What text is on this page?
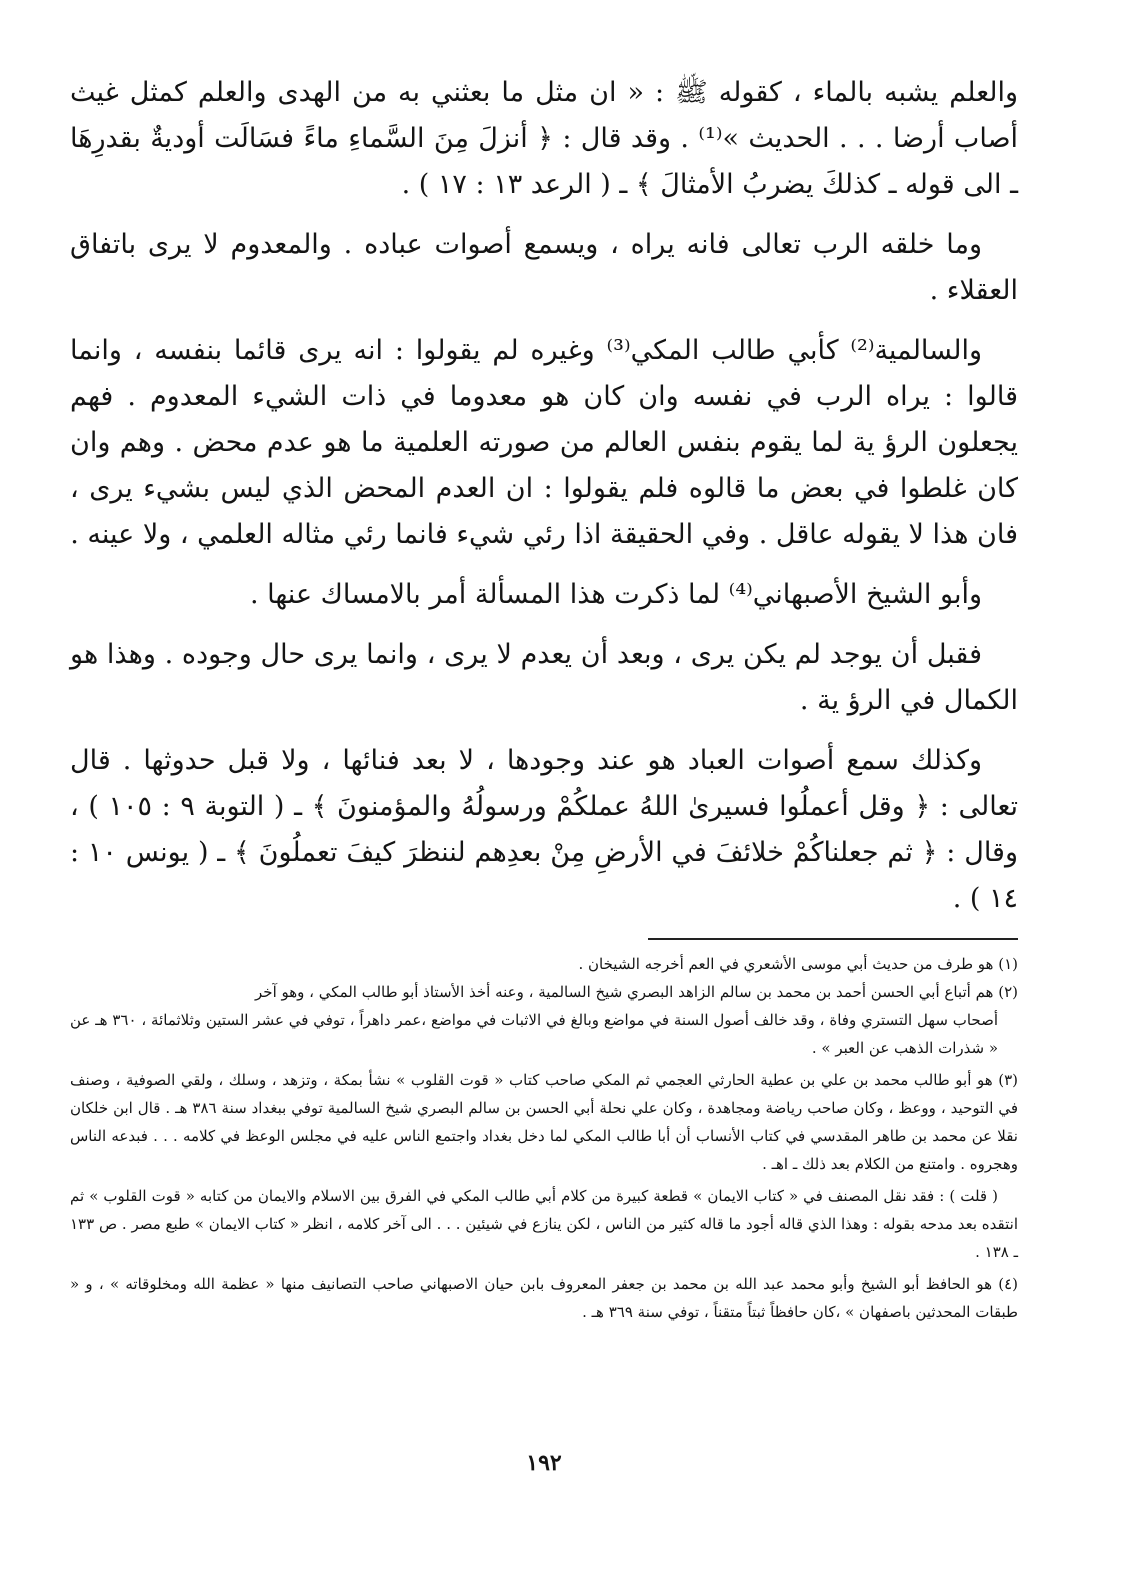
والعلم يشبه بالماء ، كقوله ﷺ : « ان مثل ما بعثني به من الهدى والعلم كمثل غيث أصاب أرضا . . . الحديث »⁽¹⁾ . وقد قال : ﴿ أنزلَ مِنَ السَّماءِ ماءً فسَالَت أوديةٌ بقدرِهَا ـ الى قوله ـ كذلكَ يضربُ الأمثالَ ﴾ ـ ( الرعد ١٣ : ١٧ ) .

وما خلقه الرب تعالى فانه يراه ، ويسمع أصوات عباده . والمعدوم لا يرى باتفاق العقلاء .

والسالمية⁽²⁾ كأبي طالب المكي⁽³⁾ وغيره لم يقولوا : انه يرى قائما بنفسه ، وانما قالوا : يراه الرب في نفسه وان كان هو معدوما في ذات الشيء المعدوم . فهم يجعلون الرؤ ية لما يقوم بنفس العالم من صورته العلمية ما هو عدم محض . وهم وان كان غلطوا في بعض ما قالوه فلم يقولوا : ان العدم المحض الذي ليس بشيء يرى ، فان هذا لا يقوله عاقل . وفي الحقيقة اذا رئي شيء فانما رئي مثاله العلمي ، ولا عينه .

وأبو الشيخ الأصبهاني⁽⁴⁾ لما ذكرت هذا المسألة أمر بالامساك عنها .

فقبل أن يوجد لم يكن يرى ، وبعد أن يعدم لا يرى ، وانما يرى حال وجوده . وهذا هو الكمال في الرؤ ية .

وكذلك سمع أصوات العباد هو عند وجودها ، لا بعد فنائها ، ولا قبل حدوثها . قال تعالى : ﴿ وقل أعملُوا فسيرىٰ اللهُ عملكُمْ ورسولُهُ والمؤمنونَ ﴾ ـ ( التوبة ٩ : ١٠٥ ) ، وقال : ﴿ ثم جعلناكُمْ خلائفَ في الأرضِ مِنْ بعدِهم لننظرَ كيفَ تعملُونَ ﴾ ـ ( يونس ١٠ : ١٤ ) .

(١) هو طرف من حديث أبي موسى الأشعري في العم أخرجه الشيخان .

(٢) هم أتباع أبي الحسن أحمد بن محمد بن سالم الزاهد البصري شيخ السالمية ، وعنه أخذ الأستاذ أبو طالب المكي ، وهو آخر

أصحاب سهل التستري وفاة ، وقد خالف أصول السنة في مواضع وبالغ في الاثبات في مواضع ،عمر داهراً ، توفي في عشر الستين وثلاثمائة ، ٣٦٠ هـ عن « شذرات الذهب عن العبر » .

(٣) هو أبو طالب محمد بن علي بن عطية الحارثي العجمي ثم المكي صاحب كتاب « قوت القلوب » نشأ بمكة ، وتزهد ، وسلك ، ولقي الصوفية ، وصنف في التوحيد ، ووعظ ، وكان صاحب رياضة ومجاهدة ، وكان علي نحلة أبي الحسن بن سالم البصري شيخ السالمية توفي ببغداد سنة ٣٨٦ هـ . قال ابن خلكان نقلا عن محمد بن طاهر المقدسي في كتاب الأنساب أن أبا طالب المكي لما دخل بغداد واجتمع الناس عليه في مجلس الوعظ في كلامه . . . فبدعه الناس وهجروه . وامتنع من الكلام بعد ذلك ـ اهـ .

( قلت ) : فقد نقل المصنف في « كتاب الايمان » قطعة كبيرة من كلام أبي طالب المكي في الفرق بين الاسلام والايمان من كتابه « قوت القلوب » ثم انتقده بعد مدحه بقوله : وهذا الذي قاله أجود ما قاله كثير من الناس ، لكن ينازع في شيئين . . . الى آخر كلامه ، انظر « كتاب الايمان » طبع مصر . ص ١٣٣ ـ ١٣٨ .

(٤) هو الحافظ أبو الشيخ وأبو محمد عبد الله بن محمد بن جعفر المعروف بابن حيان الاصبهاني صاحب التصانيف منها « عظمة الله ومخلوقاته » ، و « طبقات المحدثين باصفهان » ،كان حافظاً ثبتاً متقناً ، توفي سنة ٣٦٩ هـ .

١٩٢
